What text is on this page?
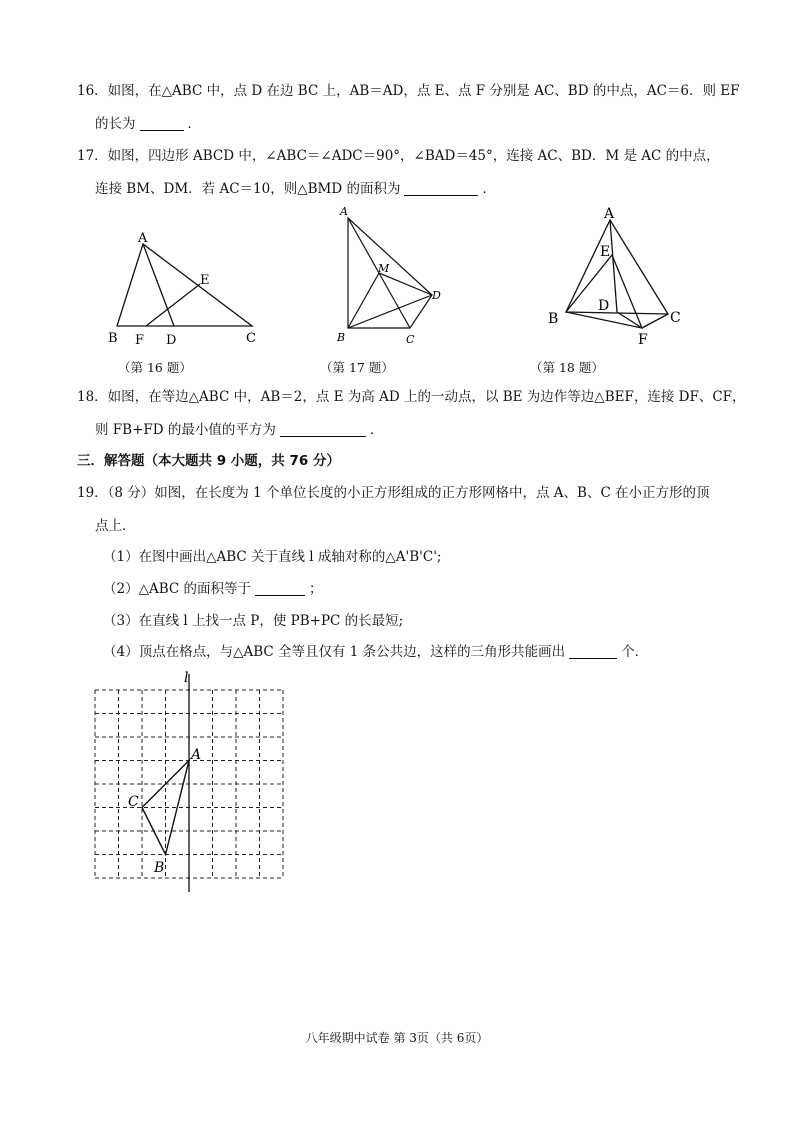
16．如图，在△ABC 中，点 D 在边 BC 上，AB＝AD，点 E、点 F 分别是 AC、BD 的中点，AC＝6．则 EF
的长为	．
17．如图，四边形 ABCD 中，∠ABC＝∠ADC＝90°，∠BAD＝45°，连接 AC、BD．M 是 AC 的中点，
连接 BM、DM．若 AC＝10，则△BMD 的面积为	．
A
E
B F D	C
（第 16 题）
A
M
D
B	C
（第 17 题）
A
E
D
B	C
F
（第 18 题）
18．如图，在等边△ABC 中，AB＝2，点 E 为高 AD 上的一动点，以 BE 为边作等边△BEF，连接 DF、CF，
则 FB+FD 的最小值的平方为	．
三．解答题（本大题共 9 小题，共 76 分）
19．（8 分）如图，在长度为 1 个单位长度的小正方形组成的正方形网格中，点 A、B、C 在小正方形的顶
点上．
（1）在图中画出△ABC 关于直线 l 成轴对称的△A'B'C';
（2）△ABC 的面积等于	；
（3）在直线 l 上找一点 P，使 PB+PC 的长最短;
（4）顶点在格点，与△ABC 全等且仅有 1 条公共边，这样的三角形共能画出	个．
l
A
C
B
八年级期中试卷 第 3页（共 6页）
